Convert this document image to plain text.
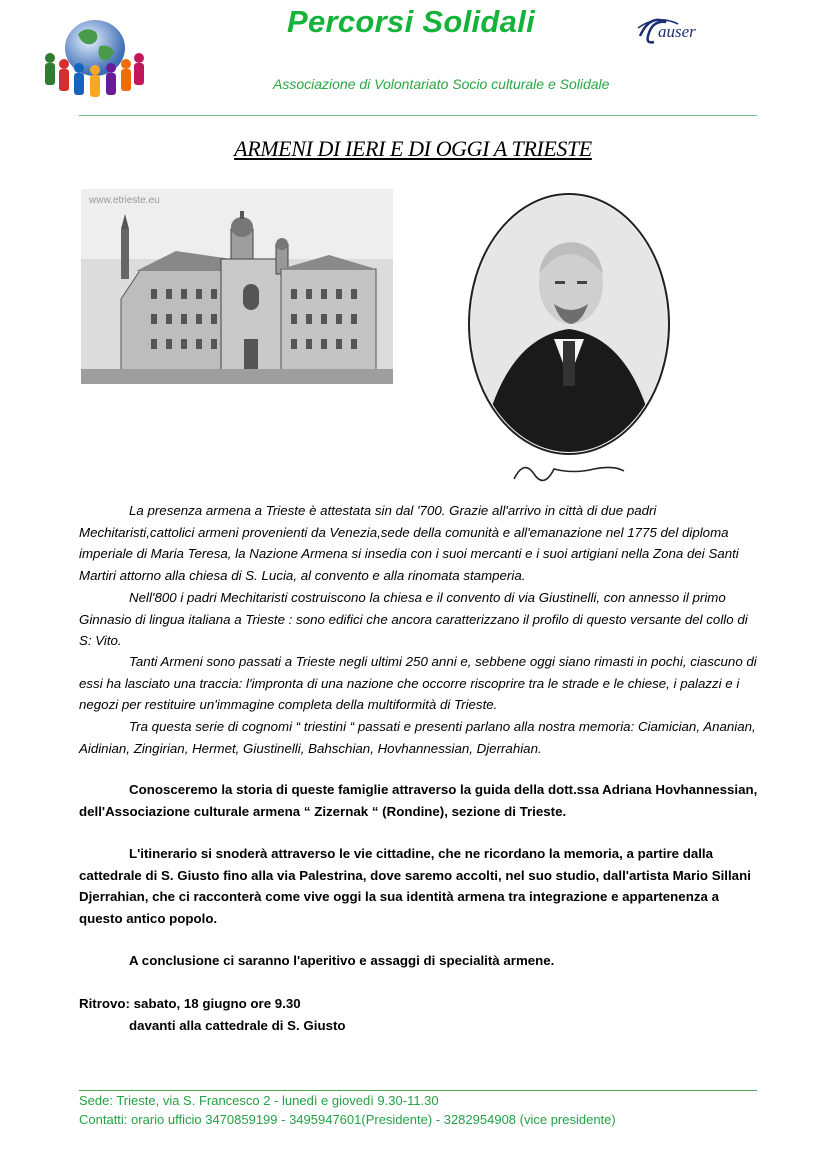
Percorsi Solidali	auser
Associazione di Volontariato Socio culturale e Solidale
ARMENI DI IERI E DI OGGI A TRIESTE
www.etrieste.eu
La presenza armena a Trieste è attestata sin dal '700. Grazie all'arrivo in città di due padri Mechitaristi,cattolici armeni provenienti da Venezia,sede della comunità e all'emanazione nel 1775 del diploma imperiale di Maria Teresa, la Nazione Armena si insedia con i suoi mercanti e i suoi artigiani nella Zona dei Santi Martiri attorno alla chiesa di S. Lucia, al convento e alla rinomata stamperia.
Nell'800 i padri Mechitaristi costruiscono la chiesa e il convento di via Giustinelli, con annesso il primo Ginnasio di lingua italiana a Trieste : sono edifici che ancora caratterizzano il profilo di questo versante del collo di S: Vito.
Tanti Armeni sono passati a Trieste negli ultimi 250 anni e, sebbene oggi siano rimasti in pochi, ciascuno di essi ha lasciato una traccia: l'impronta di una nazione che occorre riscoprire tra le strade e le chiese, i palazzi e i negozi per restituire un'immagine completa della multiformità di Trieste.
Tra questa serie di cognomi “ triestini “ passati e presenti parlano alla nostra memoria: Ciamician, Ananian, Aidinian, Zingirian, Hermet, Giustinelli, Bahschian, Hovhannessian, Djerrahian.
Conosceremo la storia di queste famiglie attraverso la guida della dott.ssa Adriana Hovhannessian, dell'Associazione culturale armena “ Zizernak “ (Rondine), sezione di Trieste.
L'itinerario si snoderà attraverso le vie cittadine, che ne ricordano la memoria, a partire dalla cattedrale di S. Giusto fino alla via Palestrina, dove saremo accolti, nel suo studio, dall'artista Mario Sillani Djerrahian, che ci racconterà come vive oggi la sua identità armena tra integrazione e appartenenza a questo antico popolo.
A conclusione ci saranno l'aperitivo e assaggi di specialità armene.
Ritrovo: sabato, 18 giugno ore 9.30
davanti alla cattedrale di S. Giusto
Sede: Trieste, via S. Francesco 2 - lunedì e giovedì 9.30-11.30
Contatti: orario ufficio 3470859199 - 3495947601(Presidente) - 3282954908 (vice presidente)
